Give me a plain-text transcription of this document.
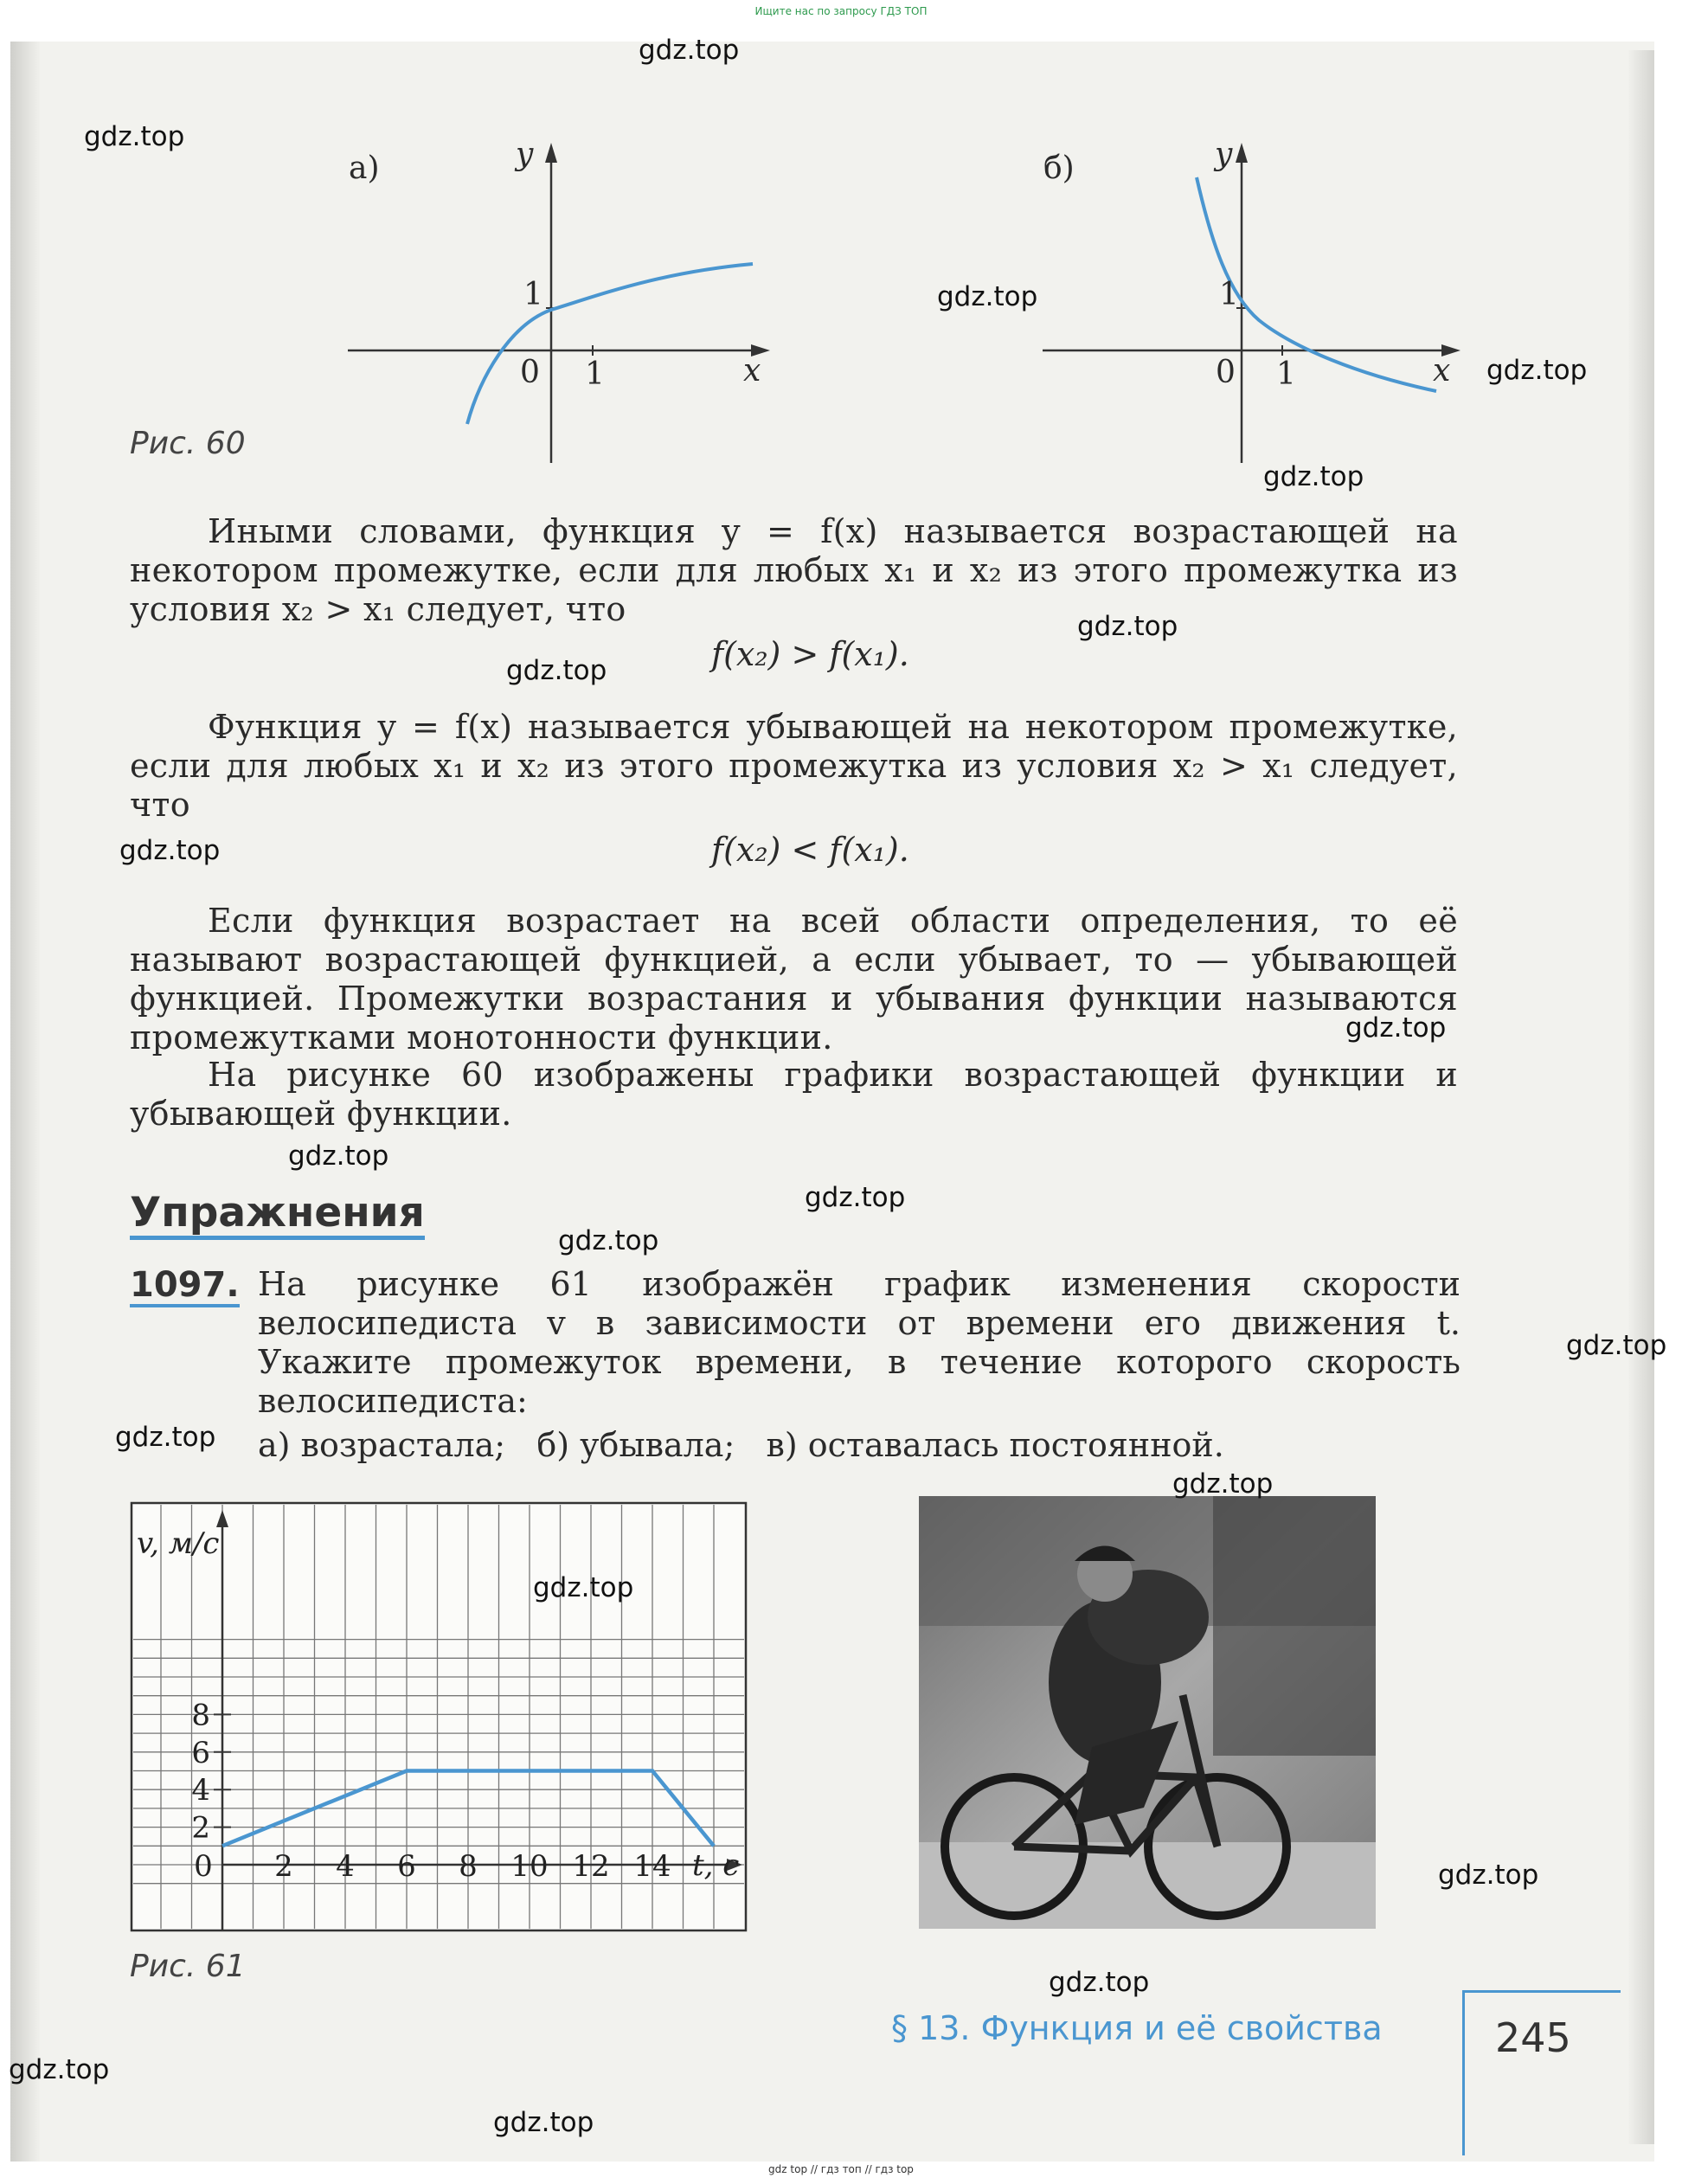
Ищите нас по запросу ГДЗ ТОП
а)	y
x
0
1
1
б)	y
x
0
1
1
Рис. 60
Иными словами, функция y = f(x) называется возрастающей на некотором промежутке, если для любых x₁ и x₂ из этого промежутка из условия x₂ > x₁ следует, что
f(x₂) > f(x₁).
Функция y = f(x) называется убывающей на некотором промежутке, если для любых x₁ и x₂ из этого промежутка из условия x₂ > x₁ следует, что
f(x₂) < f(x₁).
Если функция возрастает на всей области определения, то её называют возрастающей функцией, а если убывает, то — убывающей функцией. Промежутки возрастания и убывания функции называются промежутками монотонности функции.
На рисунке 60 изображены графики возрастающей функции и убывающей функции.
Упражнения
1097. На рисунке 61 изображён график изменения скорости велосипедиста v в зависимости от времени его движения t. Укажите промежуток времени, в течение которого скорость велосипедиста:
а) возрастала;   б) убывала;   в) оставалась постоянной.
0 2 4 6 8 10 12 14
2
4
6
8
v, м/с
t, с
Рис. 61
§ 13. Функция и её свойства	245
gdz.top
gdz.top
gdz.top
gdz.top
gdz.top
gdz.top
gdz.top
gdz.top
gdz.top
gdz.top
gdz.top
gdz.top
gdz.top
gdz.top
gdz.top
gdz.top
gdz.top
gdz.top
gdz.top
gdz.top
gdz top // гдз топ // гдз top
